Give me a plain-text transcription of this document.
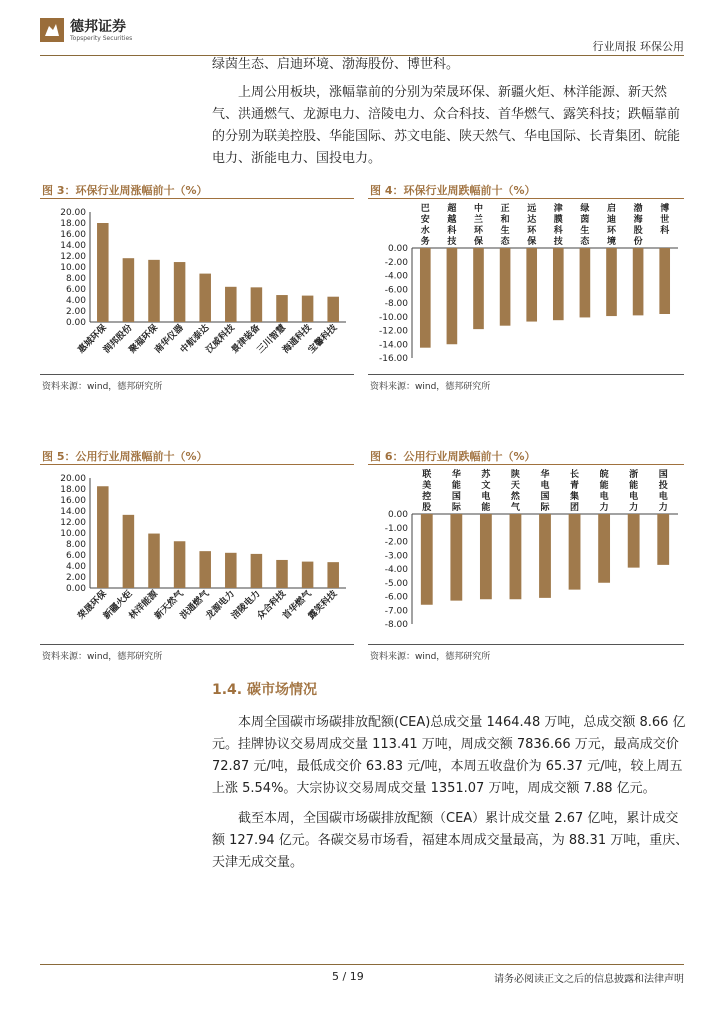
德邦证券
Topsperity Securities
行业周报 环保公用

绿茵生态、启迪环境、渤海股份、博世科。

上周公用板块，涨幅靠前的分别为荣晟环保、新疆火炬、林洋能源、新天然气、洪通燃气、龙源电力、涪陵电力、众合科技、首华燃气、露笑科技；跌幅靠前的分别为联美控股、华能国际、苏文电能、陕天然气、华电国际、长青集团、皖能电力、浙能电力、国投电力。

图 3：环保行业周涨幅前十（%）
0.00
2.00
4.00
6.00
8.00
10.00
12.00
14.00
16.00
18.00
20.00
惠城环保
润邦股份
聚福环保
南华仪器
中航泰达
汉威科技
景津装备
三川智慧
海通科技
宝馨科技
资料来源：wind，德邦研究所
图 4：环保行业周跌幅前十（%）
0.00
-2.00
-4.00
-6.00
-8.00
-10.00
-12.00
-14.00
-16.00
巴安水务
超越科技
中兰环保
正和生态
远达环保
津膜科技
绿茵生态
启迪环境
渤海股份
博世科
资料来源：wind，德邦研究所
图 5：公用行业周涨幅前十（%）
0.00
2.00
4.00
6.00
8.00
10.00
12.00
14.00
16.00
18.00
20.00
荣晟环保
新疆火炬
林洋能源
新天然气
洪通燃气
龙源电力
涪陵电力
众合科技
首华燃气
露笑科技
资料来源：wind，德邦研究所
图 6：公用行业周跌幅前十（%）
0.00
-1.00
-2.00
-3.00
-4.00
-5.00
-6.00
-7.00
-8.00
联美控股
华能国际
苏文电能
陕天然气
华电国际
长青集团
皖能电力
浙能电力
国投电力
资料来源：wind，德邦研究所
1.4. 碳市场情况

本周全国碳市场碳排放配额(CEA)总成交量 1464.48 万吨，总成交额 8.66 亿元。挂牌协议交易周成交量 113.41 万吨，周成交额 7836.66 万元，最高成交价 72.87 元/吨，最低成交价 63.83 元/吨，本周五收盘价为 65.37 元/吨，较上周五上涨 5.54%。大宗协议交易周成交量 1351.07 万吨，周成交额 7.88 亿元。

截至本周，全国碳市场碳排放配额（CEA）累计成交量 2.67 亿吨，累计成交额 127.94 亿元。各碳交易市场看，福建本周成交量最高，为 88.31 万吨，重庆、天津无成交量。

5 / 19	请务必阅读正文之后的信息披露和法律声明
